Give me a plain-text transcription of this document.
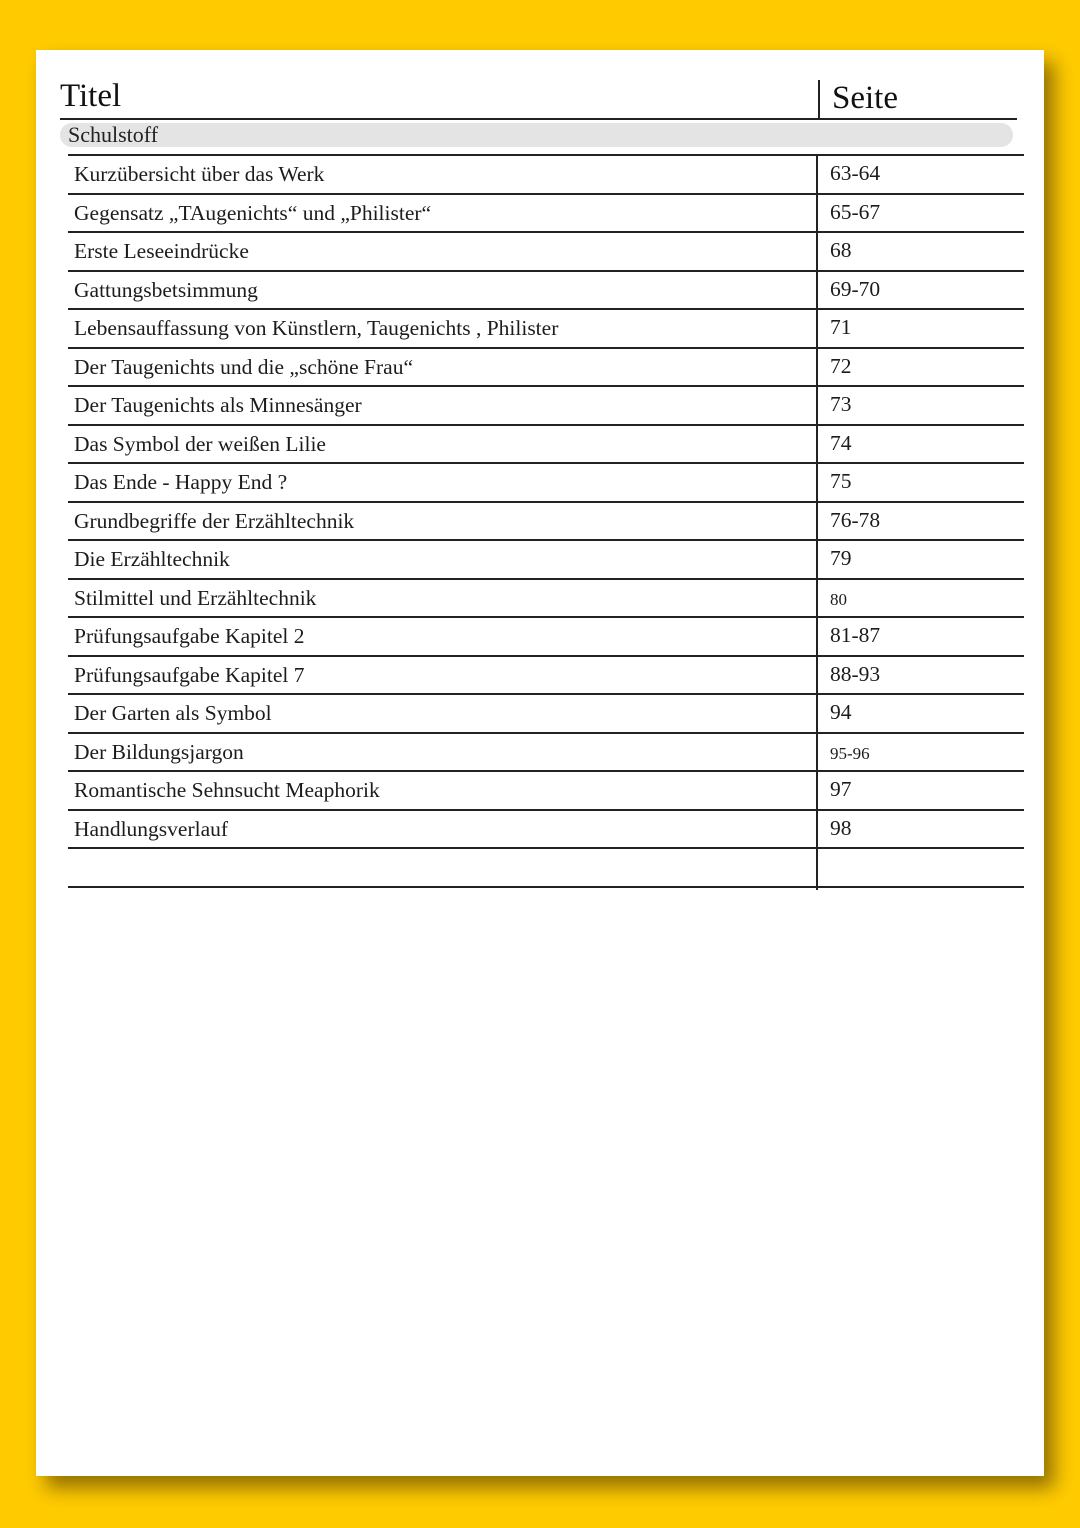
Titel	Seite
Schulstoff
Kurzübersicht über das Werk	63-64
Gegensatz „TAugenichts“ und „Philister“	65-67
Erste Leseeindrücke	68
Gattungsbetsimmung	69-70
Lebensauffassung von Künstlern, Taugenichts , Philister	71
Der Taugenichts und die „schöne Frau“	72
Der Taugenichts als Minnesänger	73
Das Symbol der weißen Lilie	74
Das Ende - Happy End ?	75
Grundbegriffe der Erzähltechnik	76-78
Die Erzähltechnik	79
Stilmittel und Erzähltechnik	80
Prüfungsaufgabe Kapitel 2	81-87
Prüfungsaufgabe Kapitel 7	88-93
Der Garten als Symbol	94
Der Bildungsjargon	95-96
Romantische Sehnsucht Meaphorik	97
Handlungsverlauf	98
